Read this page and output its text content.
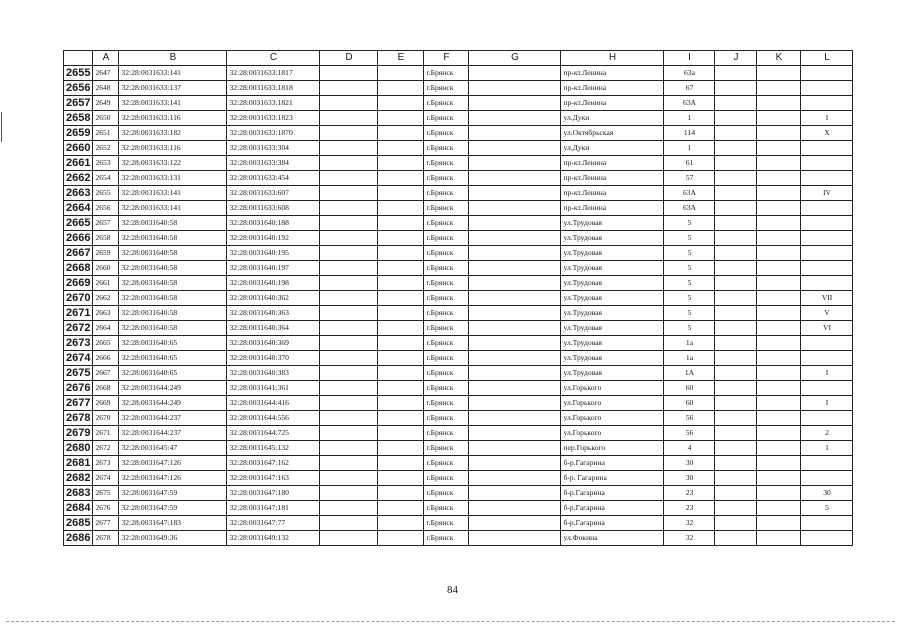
	A	B	C	D	E	F	G	H	I	J	K	L
2655	2647	32:28:0031633:141	32:28:0031633:1817			г.Брянск		пр-кт.Ленина	63а			
2656	2648	32:28:0031633:137	32:28:0031633:1818			г.Брянск		пр-кт.Ленина	67			
2657	2649	32:28:0031633:141	32:28:0031633:1821			г.Брянск		пр-кт.Ленина	63А			
2658	2650	32:28:0031633:116	32:28:0031633:1823			г.Брянск		ул.Дуки	1			I
2659	2651	32:28:0031633:182	32:28:0031633:1870			г.Брянск		ул.Октябрьская	114			X
2660	2652	32:28:0031633:116	32:28:0031633:304			г.Брянск		ул.Дуки	1			
2661	2653	32:28:0031633:122	32:28:0031633:384			г.Брянск		пр-кт.Ленина	61			
2662	2654	32:28:0031633:131	32:28:0031633:454			г.Брянск		пр-кт.Ленина	57			
2663	2655	32:28:0031633:141	32:28:0031633:607			г.Брянск		пр-кт.Ленина	63А			IV
2664	2656	32:28:0031633:141	32:28:0031633:608			г.Брянск		пр-кт.Ленина	63А			
2665	2657	32:28:0031640:58	32:28:0031640:188			г.Брянск		ул.Трудовая	5			
2666	2658	32:28:0031640:58	32:28:0031640:192			г.Брянск		ул.Трудовая	5			
2667	2659	32:28:0031640:58	32:28:0031640:195			г.Брянск		ул.Трудовая	5			
2668	2660	32:28:0031640:58	32:28:0031640:197			г.Брянск		ул.Трудовая	5			
2669	2661	32:28:0031640:58	32:28:0031640:198			г.Брянск		ул.Трудовая	5			
2670	2662	32:28:0031640:58	32:28:0031640:362			г.Брянск		ул.Трудовая	5			VII
2671	2663	32:28:0031640:58	32:28:0031640:363			г.Брянск		ул.Трудовая	5			V
2672	2664	32:28:0031640:58	32:28:0031640:364			г.Брянск		ул.Трудовая	5			VI
2673	2665	32:28:0031640:65	32:28:0031640:369			г.Брянск		ул.Трудовая	1а			
2674	2666	32:28:0031640:65	32:28:0031640:370			г.Брянск		ул.Трудовая	1а			
2675	2667	32:28:0031640:65	32:28:0031640:383			г.Брянск		ул.Трудовая	1А			I
2676	2668	32:28:0031644:249	32:28:0031641:361			г.Брянск		ул.Горького	60			
2677	2669	32:28:0031644:249	32:28:0031644:416			г.Брянск		ул.Горького	60			I
2678	2670	32:28:0031644:237	32:28:0031644:556			г.Брянск		ул.Горького	56			
2679	2671	32:28:0031644:237	32:28:0031644:725			г.Брянск		ул.Горького	56			2
2680	2672	32:28:0031645:47	32:28:0031645:132			г.Брянск		пер.Горького	4			1
2681	2673	32:28:0031647:126	32:28:0031647:162			г.Брянск		б-р.Гагарина	30			
2682	2674	32:28:0031647:126	32:28:0031647:163			г.Брянск		б-р. Гагарина	30			
2683	2675	32:28:0031647:59	32:28:0031647:180			г.Брянск		б-р.Гагарина	23			30
2684	2676	32:28:0031647:59	32:28:0031647:181			г.Брянск		б-р.Гагарина	23			5
2685	2677	32:28:0031647:183	32:28:0031647:77			г.Брянск		б-р.Гагарина	32			
2686	2678	32:28:0031649:36	32:28:0031649:132			г.Брянск		ул.Фокина	32			
84
